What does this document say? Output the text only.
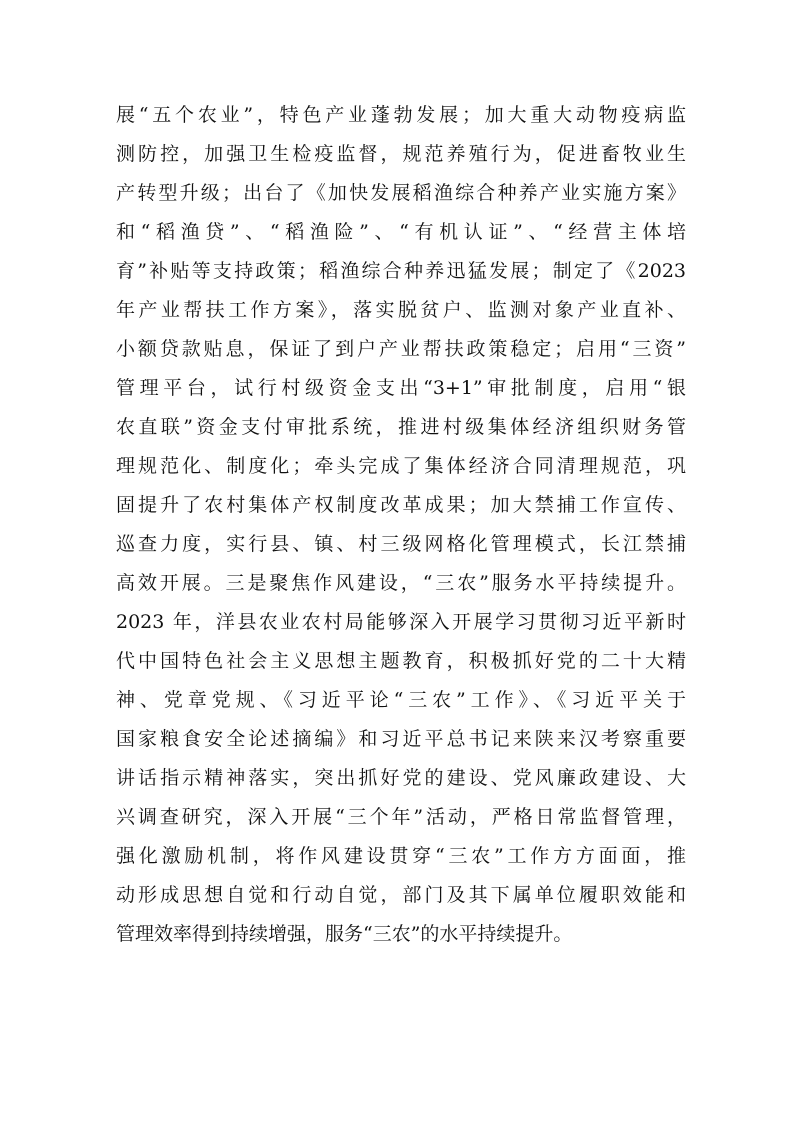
展“五个农业”，特色产业蓬勃发展；加大重大动物疫病监
测防控，加强卫生检疫监督，规范养殖行为，促进畜牧业生
产转型升级；出台了《加快发展稻渔综合种养产业实施方案》
和“稻渔贷”、“稻渔险”、“有机认证”、“经营主体培
育”补贴等支持政策；稻渔综合种养迅猛发展；制定了《2023
年产业帮扶工作方案》，落实脱贫户、监测对象产业直补、
小额贷款贴息，保证了到户产业帮扶政策稳定；启用“三资”
管理平台，试行村级资金支出“3+1”审批制度，启用“银
农直联”资金支付审批系统，推进村级集体经济组织财务管
理规范化、制度化；牵头完成了集体经济合同清理规范，巩
固提升了农村集体产权制度改革成果；加大禁捕工作宣传、
巡查力度，实行县、镇、村三级网格化管理模式，长江禁捕
高效开展。三是聚焦作风建设，“三农”服务水平持续提升。
2023 年，洋县农业农村局能够深入开展学习贯彻习近平新时
代中国特色社会主义思想主题教育，积极抓好党的二十大精
神、党章党规、《习近平论“三农”工作》、《习近平关于
国家粮食安全论述摘编》和习近平总书记来陕来汉考察重要
讲话指示精神落实，突出抓好党的建设、党风廉政建设、大
兴调查研究，深入开展“三个年”活动，严格日常监督管理，
强化激励机制，将作风建设贯穿“三农”工作方方面面，推
动形成思想自觉和行动自觉，部门及其下属单位履职效能和
管理效率得到持续增强，服务“三农”的水平持续提升。
